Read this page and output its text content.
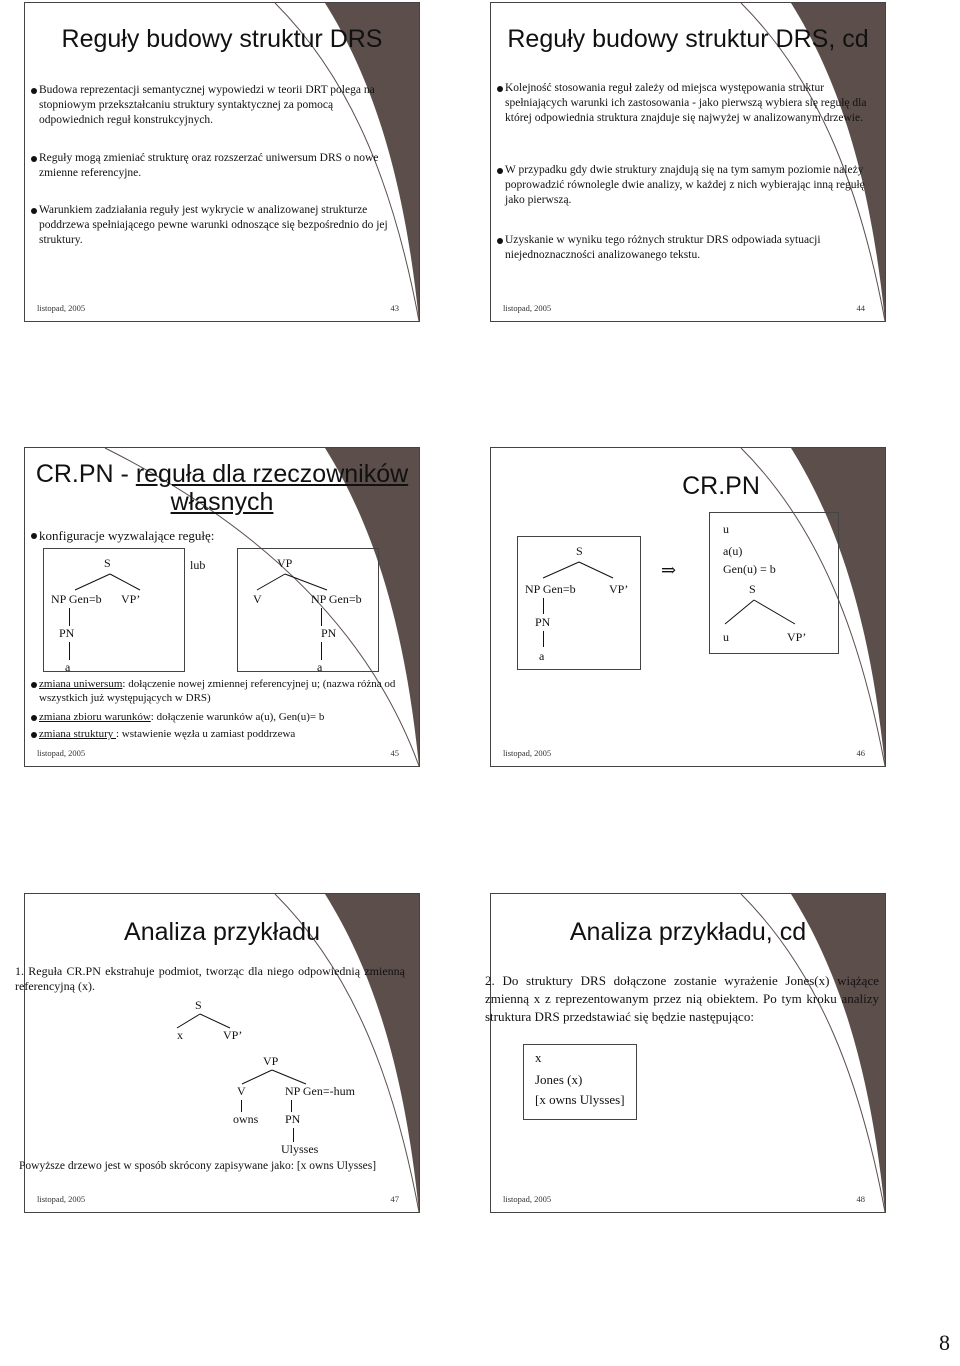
Reguły budowy struktur DRS
Budowa reprezentacji semantycznej wypowiedzi w teorii DRT polega na stopniowym przekształcaniu struktury syntaktycznej za pomocą odpowiednich reguł konstrukcyjnych.
Reguły mogą zmieniać strukturę oraz rozszerzać uniwersum DRS o nowe zmienne referencyjne.
Warunkiem zadziałania reguły jest wykrycie w analizowanej strukturze poddrzewa spełniającego pewne warunki odnoszące się bezpośrednio do jej struktury.
listopad, 2005	43
Reguły budowy struktur DRS, cd
Kolejność stosowania reguł zależy od miejsca występowania struktur spełniających warunki ich zastosowania - jako pierwszą wybiera się regułę dla której odpowiednia struktura znajduje się najwyżej w analizowanym drzewie.
W przypadku gdy dwie struktury znajdują się na tym samym poziomie należy poprowadzić równolegle dwie analizy, w każdej z nich wybierając inną regułę jako pierwszą.
Uzyskanie w wyniku tego różnych struktur DRS odpowiada sytuacji niejednoznaczności analizowanego tekstu.
listopad, 2005	44
CR.PN - reguła dla rzeczowników
własnych
konfiguracje wyzwalające regułę:
S
NP Gen=b VP’
PN
a
lub	VP
V	NP Gen=b
PN
a
zmiana uniwersum: dołączenie nowej zmiennej referencyjnej u; (nazwa różna od wszystkich już występujących w DRS)
zmiana zbioru warunków: dołączenie warunków a(u), Gen(u)= b
zmiana struktury : wstawienie węzła u zamiast poddrzewa
listopad, 2005	45
CR.PN
S
NP Gen=b	VP’
PN
a
⇒
u
a(u)
Gen(u) = b
S
u	VP’
listopad, 2005	46
Analiza przykładu
1. Reguła CR.PN ekstrahuje podmiot, tworząc dla niego odpowiednią zmienną referencyjną (x).
S
x	VP’
VP
V	NP Gen=-hum
owns PN
Ulysses
Powyższe drzewo jest w sposób skrócony zapisywane jako: [x owns Ulysses]
listopad, 2005	47
Analiza przykładu, cd
2. Do struktury DRS dołączone zostanie wyrażenie Jones(x) wiążące zmienną x z reprezentowanym przez nią obiektem. Po tym kroku analizy struktura DRS przedstawiać się będzie następująco:
x
Jones (x)
[x owns Ulysses]
listopad, 2005	48
8
